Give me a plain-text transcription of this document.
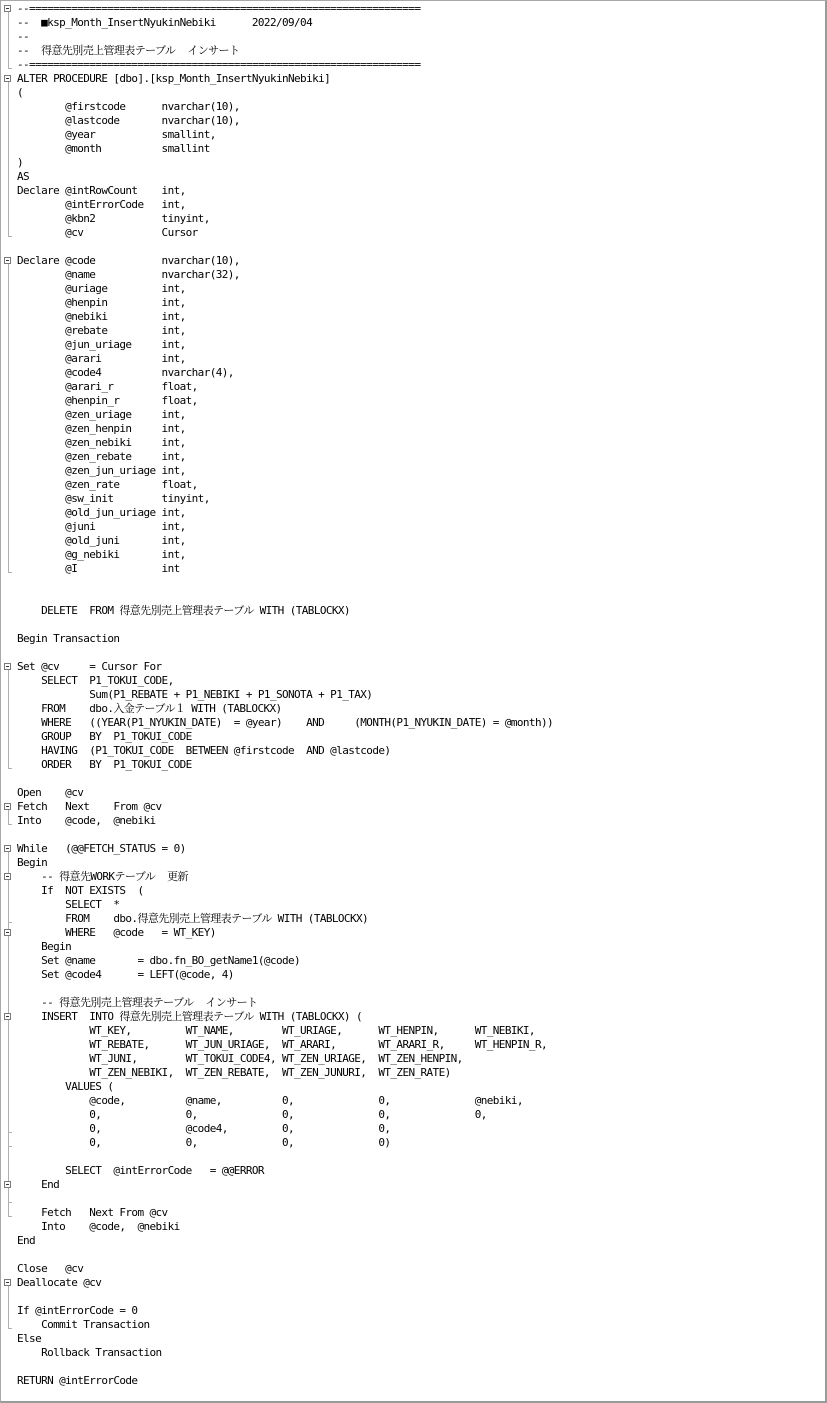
--=================================================================
--  ■ksp_Month_InsertNyukinNebiki      2022/09/04
--
--  得意先別売上管理表テーブル  インサート
--=================================================================
ALTER PROCEDURE [dbo].[ksp_Month_InsertNyukinNebiki]
(
@firstcode      nvarchar(10),
@lastcode       nvarchar(10),
@year           smallint,
@month          smallint
)
AS
Declare @intRowCount    int,
@intErrorCode   int,
@kbn2           tinyint,
@cv             Cursor
Declare @code           nvarchar(10),
@name           nvarchar(32),
@uriage         int,
@henpin         int,
@nebiki         int,
@rebate         int,
@jun_uriage     int,
@arari          int,
@code4          nvarchar(4),
@arari_r        float,
@henpin_r       float,
@zen_uriage     int,
@zen_henpin     int,
@zen_nebiki     int,
@zen_rebate     int,
@zen_jun_uriage int,
@zen_rate       float,
@sw_init        tinyint,
@old_jun_uriage int,
@juni           int,
@old_juni       int,
@g_nebiki       int,
@I              int
DELETE  FROM 得意先別売上管理表テーブル WITH (TABLOCKX)
Begin Transaction
Set @cv     = Cursor For
SELECT  P1_TOKUI_CODE,
Sum(P1_REBATE + P1_NEBIKI + P1_SONOTA + P1_TAX)
FROM    dbo.入金テーブル１ WITH (TABLOCKX)
WHERE   ((YEAR(P1_NYUKIN_DATE)  = @year)    AND     (MONTH(P1_NYUKIN_DATE) = @month))
GROUP   BY  P1_TOKUI_CODE
HAVING  (P1_TOKUI_CODE  BETWEEN @firstcode  AND @lastcode)
ORDER   BY  P1_TOKUI_CODE
Open    @cv
Fetch   Next    From @cv
Into    @code,  @nebiki
While   (@@FETCH_STATUS = 0)
Begin
-- 得意先WORKテーブル  更新
If  NOT EXISTS  (
SELECT  *
FROM    dbo.得意先別売上管理表テーブル WITH (TABLOCKX)
WHERE   @code   = WT_KEY)
Begin
Set @name       = dbo.fn_BO_getName1(@code)
Set @code4      = LEFT(@code, 4)
-- 得意先別売上管理表テーブル  インサート
INSERT  INTO 得意先別売上管理表テーブル WITH (TABLOCKX) (
WT_KEY,         WT_NAME,        WT_URIAGE,      WT_HENPIN,      WT_NEBIKI,
WT_REBATE,      WT_JUN_URIAGE,  WT_ARARI,       WT_ARARI_R,     WT_HENPIN_R,
WT_JUNI,        WT_TOKUI_CODE4, WT_ZEN_URIAGE,  WT_ZEN_HENPIN,
WT_ZEN_NEBIKI,  WT_ZEN_REBATE,  WT_ZEN_JUNURI,  WT_ZEN_RATE)
VALUES (
@code,          @name,          0,              0,              @nebiki,
0,              0,              0,              0,              0,
0,              @code4,         0,              0,
0,              0,              0,              0)
SELECT  @intErrorCode   = @@ERROR
End
Fetch   Next From @cv
Into    @code,  @nebiki
End
Close   @cv
Deallocate @cv
If @intErrorCode = 0
Commit Transaction
Else
Rollback Transaction
RETURN @intErrorCode
